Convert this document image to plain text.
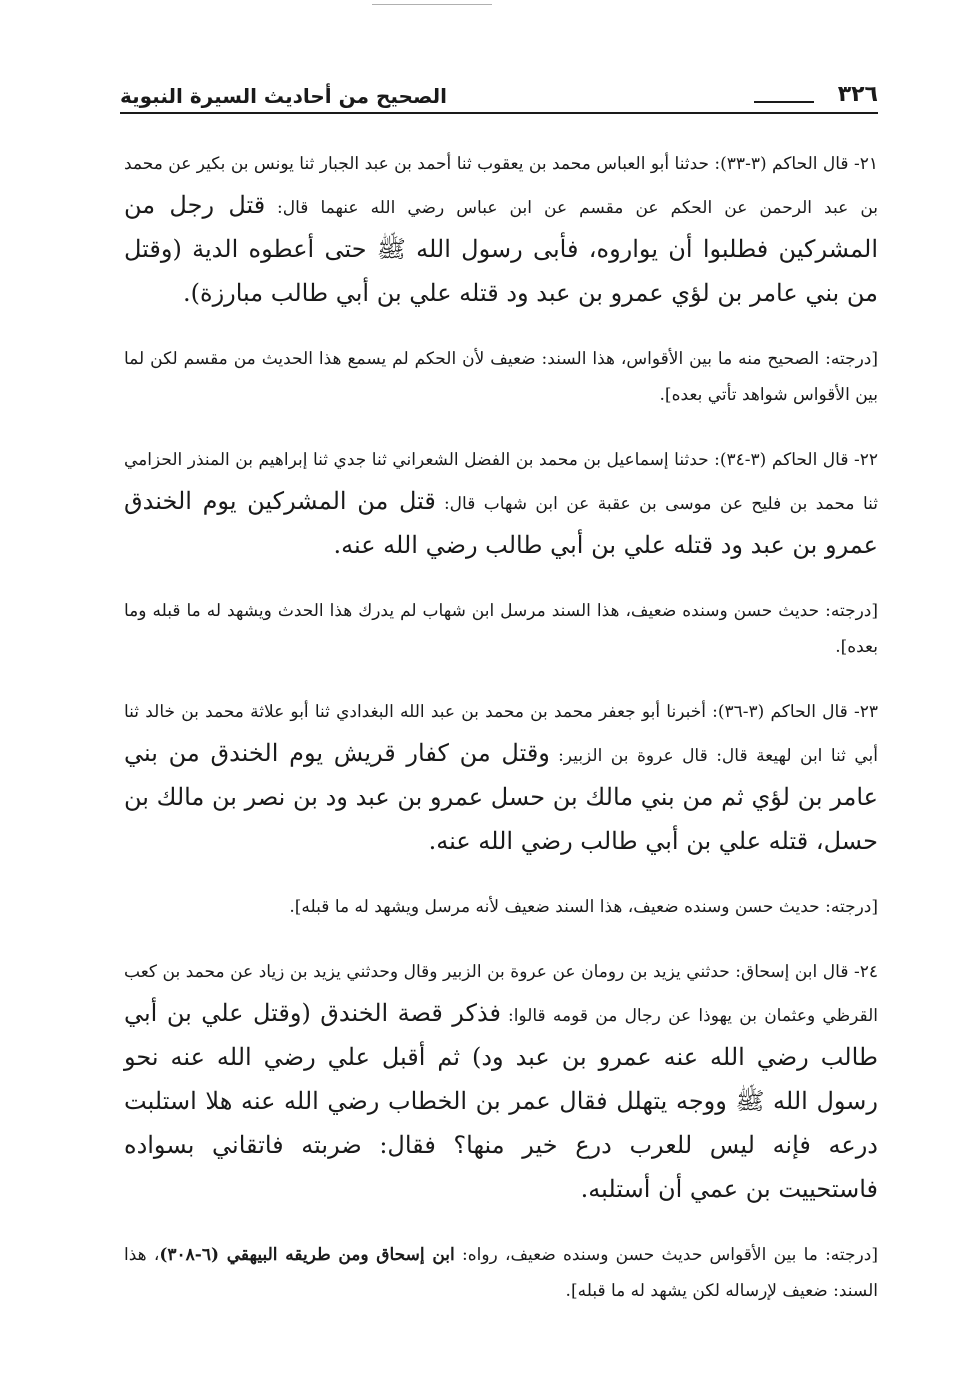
٣٢٦
الصحيح من أحاديث السيرة النبوية
٢١- قال الحاكم (٣-٣٣): حدثنا أبو العباس محمد بن يعقوب ثنا أحمد بن عبد الجبار ثنا يونس بن بكير عن محمد بن عبد الرحمن عن الحكم عن مقسم عن ابن عباس رضي الله عنهما قال: قتل رجل من المشركين فطلبوا أن يواروه، فأبى رسول الله ﷺ حتى أعطوه الدية (وقتل من بني عامر بن لؤي عمرو بن عبد ود قتله علي بن أبي طالب مبارزة).

[درجته: الصحيح منه ما بين الأقواس، هذا السند: ضعيف لأن الحكم لم يسمع هذا الحديث من مقسم لكن لما بين الأقواس شواهد تأتي بعده].

٢٢- قال الحاكم (٣-٣٤): حدثنا إسماعيل بن محمد بن الفضل الشعراني ثنا جدي ثنا إبراهيم بن المنذر الحزامي ثنا محمد بن فليح عن موسى بن عقبة عن ابن شهاب قال: قتل من المشركين يوم الخندق عمرو بن عبد ود قتله علي بن أبي طالب رضي الله عنه.

[درجته: حديث حسن وسنده ضعيف، هذا السند مرسل ابن شهاب لم يدرك هذا الحدث ويشهد له ما قبله وما بعده].

٢٣- قال الحاكم (٣-٣٦): أخبرنا أبو جعفر محمد بن محمد بن عبد الله البغدادي ثنا أبو علاثة محمد بن خالد ثنا أبي ثنا ابن لهيعة قال: قال عروة بن الزبير: وقتل من كفار قريش يوم الخندق من بني عامر بن لؤي ثم من بني مالك بن حسل عمرو بن عبد ود بن نصر بن مالك بن حسل، قتله علي بن أبي طالب رضي الله عنه.

[درجته: حديث حسن وسنده ضعيف، هذا السند ضعيف لأنه مرسل ويشهد له ما قبله].

٢٤- قال ابن إسحاق: حدثني يزيد بن رومان عن عروة بن الزبير وقال وحدثني يزيد بن زياد عن محمد بن كعب القرظي وعثمان بن يهوذا عن رجال من قومه قالوا: فذكر قصة الخندق (وقتل علي بن أبي طالب رضي الله عنه عمرو بن عبد ود) ثم أقبل علي رضي الله عنه نحو رسول الله ﷺ ووجه يتهلل فقال عمر بن الخطاب رضي الله عنه هلا استلبت درعه فإنه ليس للعرب درع خير منها؟ فقال: ضربته فاتقاني بسواده فاستحييت بن عمي أن أستلبه.

[درجته: ما بين الأقواس حديث حسن وسنده ضعيف، رواه: ابن إسحاق ومن طريقه البيهقي (٦-٣٠٨)، هذا السند: ضعيف لإرساله لكن يشهد له ما قبله].
